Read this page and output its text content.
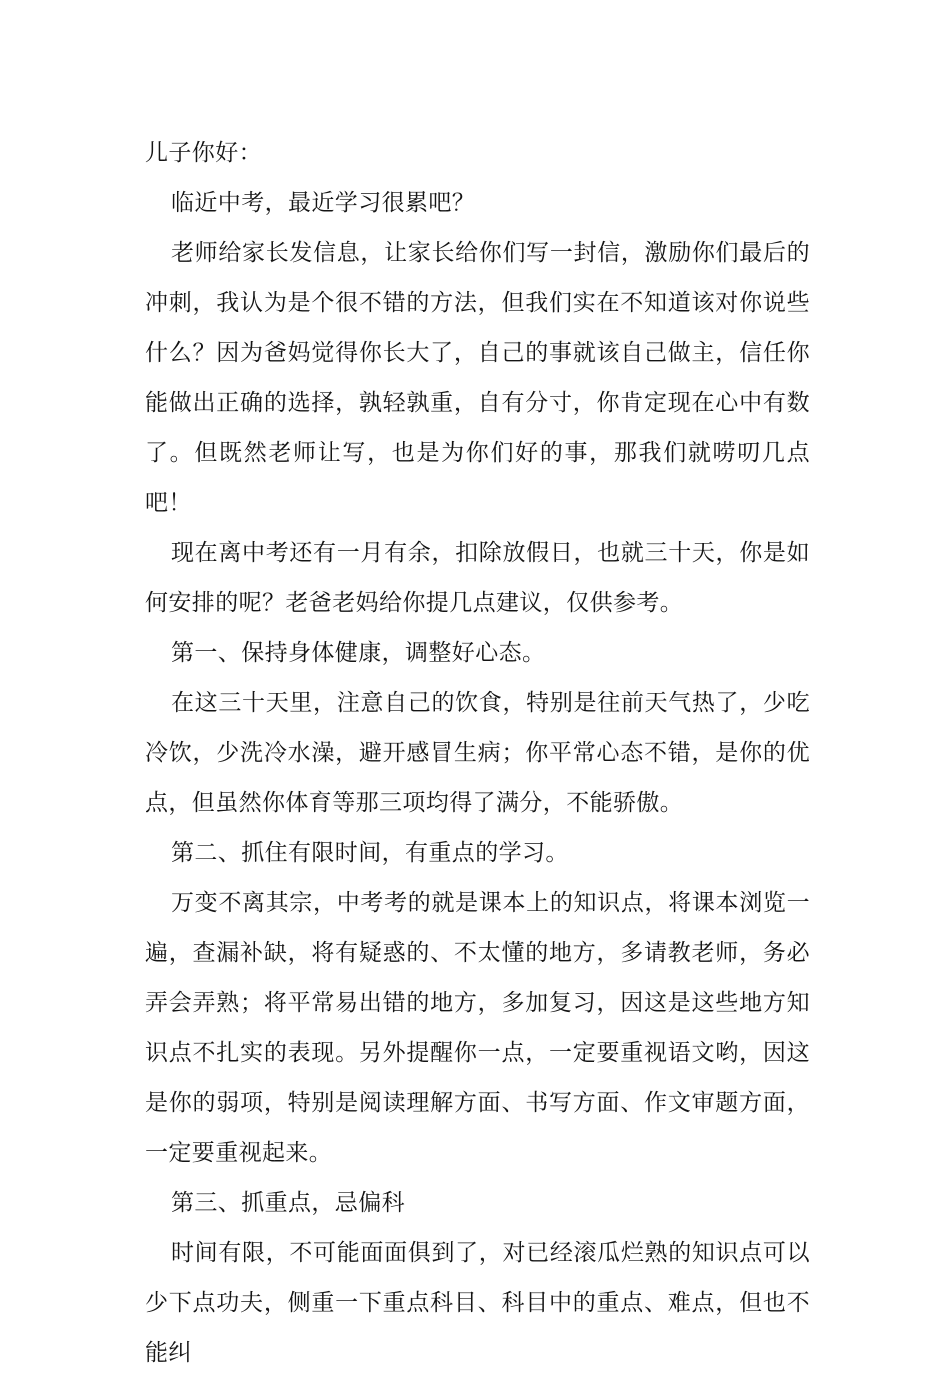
儿子你好：

临近中考，最近学习很累吧？

老师给家长发信息，让家长给你们写一封信，激励你们最后的冲刺，我认为是个很不错的方法，但我们实在不知道该对你说些什么？因为爸妈觉得你长大了，自己的事就该自己做主，信任你能做出正确的选择，孰轻孰重，自有分寸，你肯定现在心中有数了。但既然老师让写，也是为你们好的事，那我们就唠叨几点吧！

现在离中考还有一月有余，扣除放假日，也就三十天，你是如何安排的呢？老爸老妈给你提几点建议，仅供参考。

第一、保持身体健康，调整好心态。

在这三十天里，注意自己的饮食，特别是往前天气热了，少吃冷饮，少洗冷水澡，避开感冒生病；你平常心态不错，是你的优点，但虽然你体育等那三项均得了满分，不能骄傲。

第二、抓住有限时间，有重点的学习。

万变不离其宗，中考考的就是课本上的知识点，将课本浏览一遍，查漏补缺，将有疑惑的、不太懂的地方，多请教老师，务必弄会弄熟；将平常易出错的地方，多加复习，因这是这些地方知识点不扎实的表现。另外提醒你一点，一定要重视语文哟，因这是你的弱项，特别是阅读理解方面、书写方面、作文审题方面，一定要重视起来。

第三、抓重点，忌偏科

时间有限，不可能面面俱到了，对已经滚瓜烂熟的知识点可以少下点功夫，侧重一下重点科目、科目中的重点、难点，但也不能纠
